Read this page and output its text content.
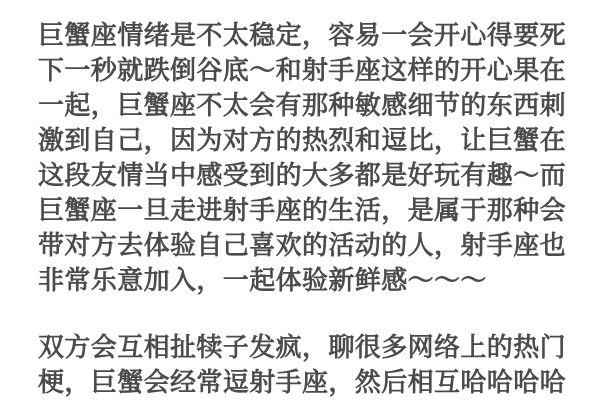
巨蟹座情绪是不太稳定，容易一会开心得要死
下一秒就跌倒谷底～和射手座这样的开心果在
一起，巨蟹座不太会有那种敏感细节的东西刺
激到自己，因为对方的热烈和逗比，让巨蟹在
这段友情当中感受到的大多都是好玩有趣～而
巨蟹座一旦走进射手座的生活，是属于那种会
带对方去体验自己喜欢的活动的人，射手座也
非常乐意加入，一起体验新鲜感～～～
双方会互相扯犊子发疯，聊很多网络上的热门
梗，巨蟹会经常逗射手座，然后相互哈哈哈哈
